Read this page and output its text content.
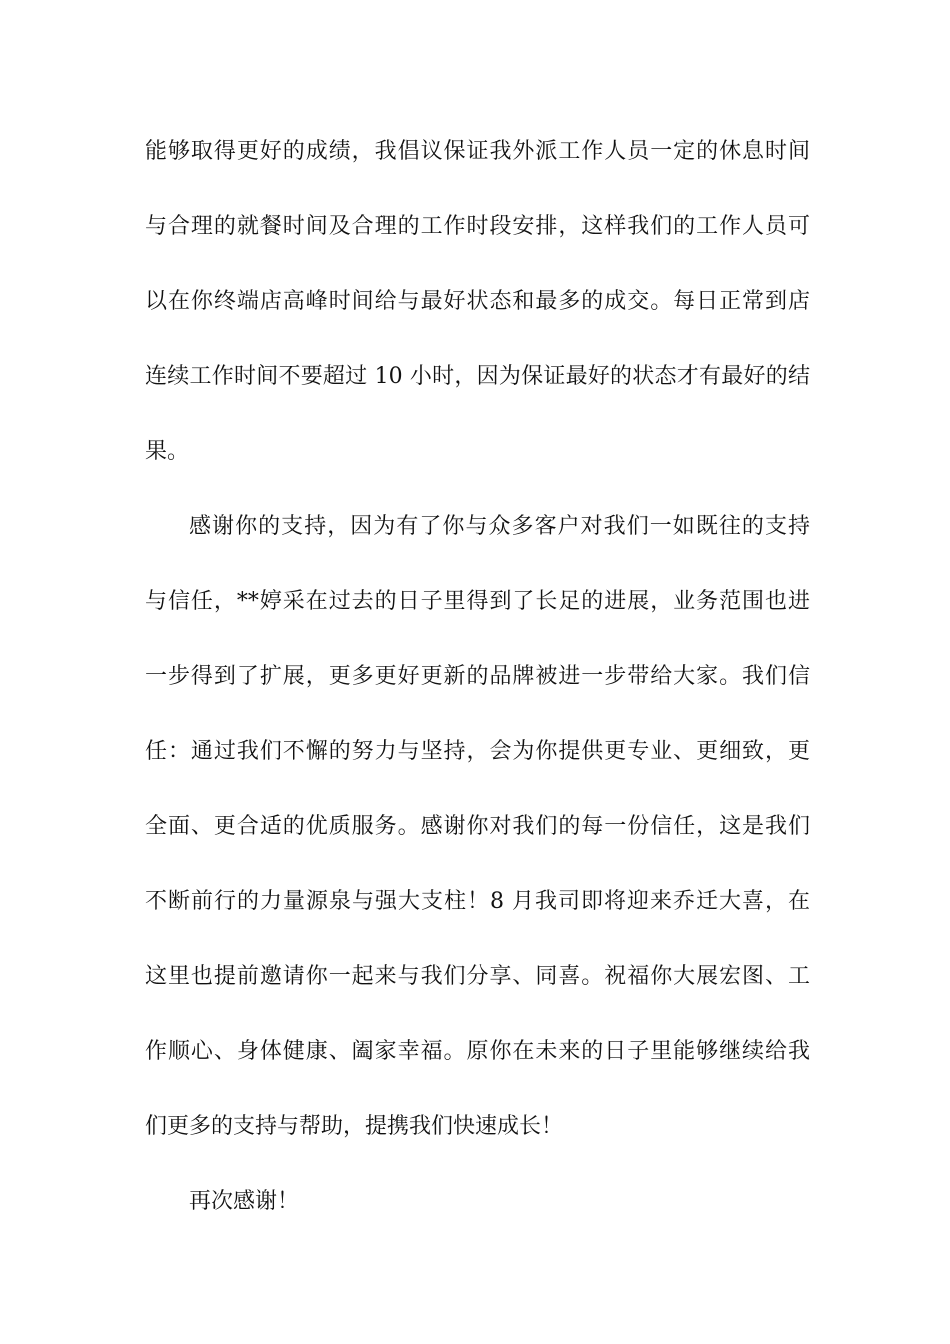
能够取得更好的成绩，我倡议保证我外派工作人员一定的休息时间
与合理的就餐时间及合理的工作时段安排，这样我们的工作人员可
以在你终端店高峰时间给与最好状态和最多的成交。每日正常到店
连续工作时间不要超过 10 小时，因为保证最好的状态才有最好的结
果。
感谢你的支持，因为有了你与众多客户对我们一如既往的支持
与信任，**婷采在过去的日子里得到了长足的进展，业务范围也进
一步得到了扩展，更多更好更新的品牌被进一步带给大家。我们信
任：通过我们不懈的努力与坚持，会为你提供更专业、更细致，更
全面、更合适的优质服务。感谢你对我们的每一份信任，这是我们
不断前行的力量源泉与强大支柱！8 月我司即将迎来乔迁大喜，在
这里也提前邀请你一起来与我们分享、同喜。祝福你大展宏图、工
作顺心、身体健康、阖家幸福。原你在未来的日子里能够继续给我
们更多的支持与帮助，提携我们快速成长！
再次感谢！
